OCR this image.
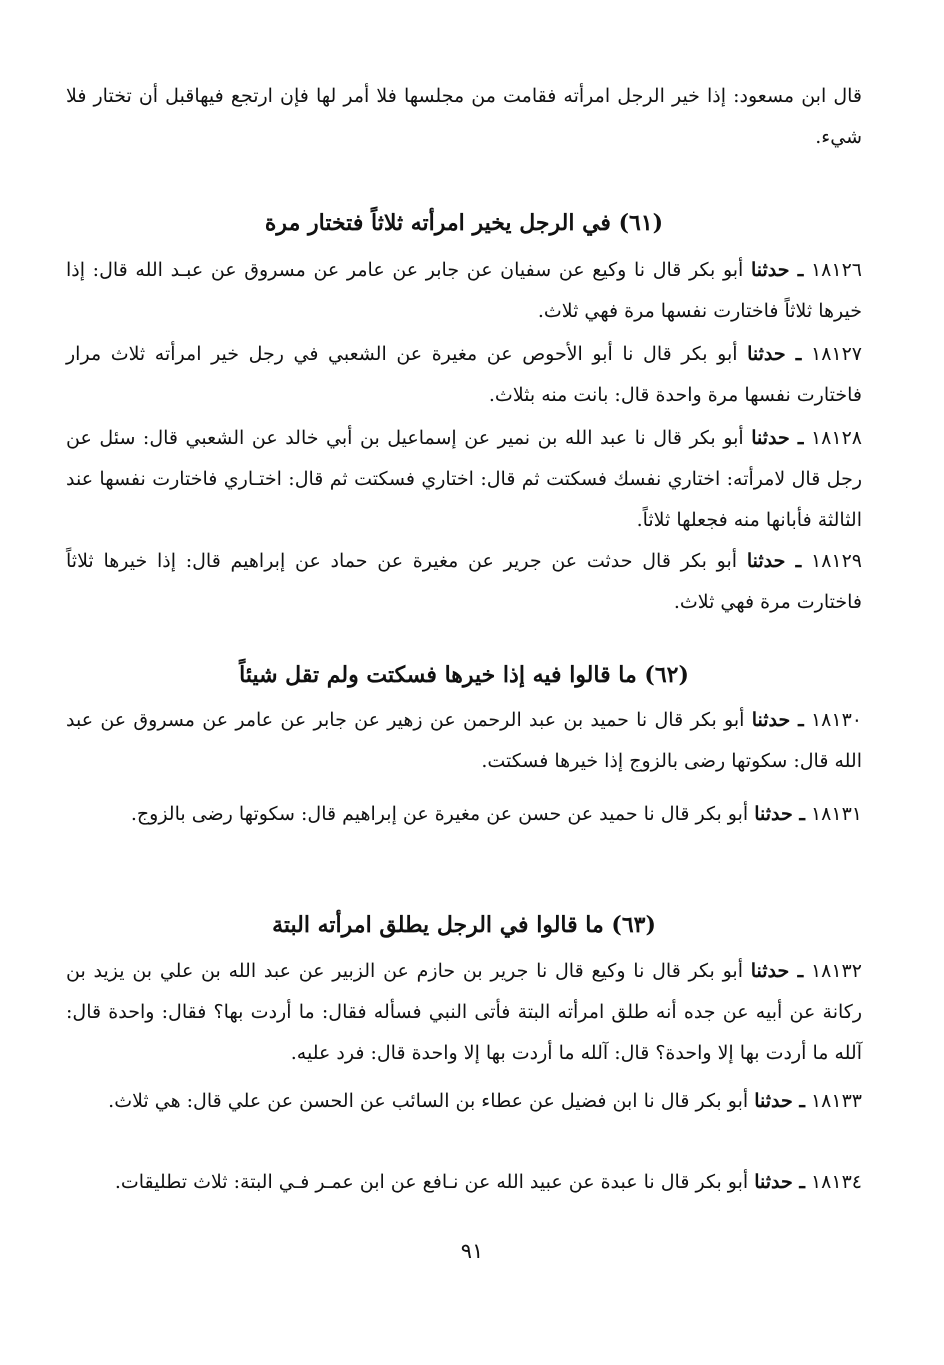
قال ابن مسعود: إذا خير الرجل امرأته فقامت من مجلسها فلا أمر لها فإن ارتجع فيهاقبل أن تختار فلا شيء.

(٦١) في الرجل يخير امرأته ثلاثاً فتختار مرة

١٨١٢٦ ـ حدثنا أبو بكر قال نا وكيع عن سفيان عن جابر عن عامر عن مسروق عن عبـد الله قال: إذا خيرها ثلاثاً فاختارت نفسها مرة فهي ثلاث.

١٨١٢٧ ـ حدثنا أبو بكر قال نا أبو الأحوص عن مغيرة عن الشعبي في رجل خير امرأته ثلاث مرار فاختارت نفسها مرة واحدة قال: بانت منه بثلاث.

١٨١٢٨ ـ حدثنا أبو بكر قال نا عبد الله بن نمير عن إسماعيل بن أبي خالد عن الشعبي قال: سئل عن رجل قال لامرأته: اختاري نفسك فسكتت ثم قال: اختاري فسكتت ثم قال: اختـاري فاختارت نفسها عند الثالثة فأبانها منه فجعلها ثلاثاً.

١٨١٢٩ ـ حدثنا أبو بكر قال حدثت عن جرير عن مغيرة عن حماد عن إبراهيم قال: إذا خيرها ثلاثاً فاختارت مرة فهي ثلاث.

(٦٢) ما قالوا فيه إذا خيرها فسكتت ولم تقل شيئاً

١٨١٣٠ ـ حدثنا أبو بكر قال نا حميد بن عبد الرحمن عن زهير عن جابر عن عامر عن مسروق عن عبد الله قال: سكوتها رضى بالزوج إذا خيرها فسكتت.

١٨١٣١ ـ حدثنا أبو بكر قال نا حميد عن حسن عن مغيرة عن إبراهيم قال: سكوتها رضى بالزوج.

(٦٣) ما قالوا في الرجل يطلق امرأته البتة

١٨١٣٢ ـ حدثنا أبو بكر قال نا وكيع قال نا جرير بن حازم عن الزبير عن عبد الله بن علي بن يزيد بن ركانة عن أبيه عن جده أنه طلق امرأته البتة فأتى النبي فسأله فقال: ما أردت بها؟ فقال: واحدة قال: آلله ما أردت بها إلا واحدة؟ قال: آلله ما أردت بها إلا واحدة قال: فرد عليه.

١٨١٣٣ ـ حدثنا أبو بكر قال نا ابن فضيل عن عطاء بن السائب عن الحسن عن علي قال: هي ثلاث.

١٨١٣٤ ـ حدثنا أبو بكر قال نا عبدة عن عبيد الله عن نـافع عن ابن عمـر فـي البتة: ثلاث تطليقات.

٩١
